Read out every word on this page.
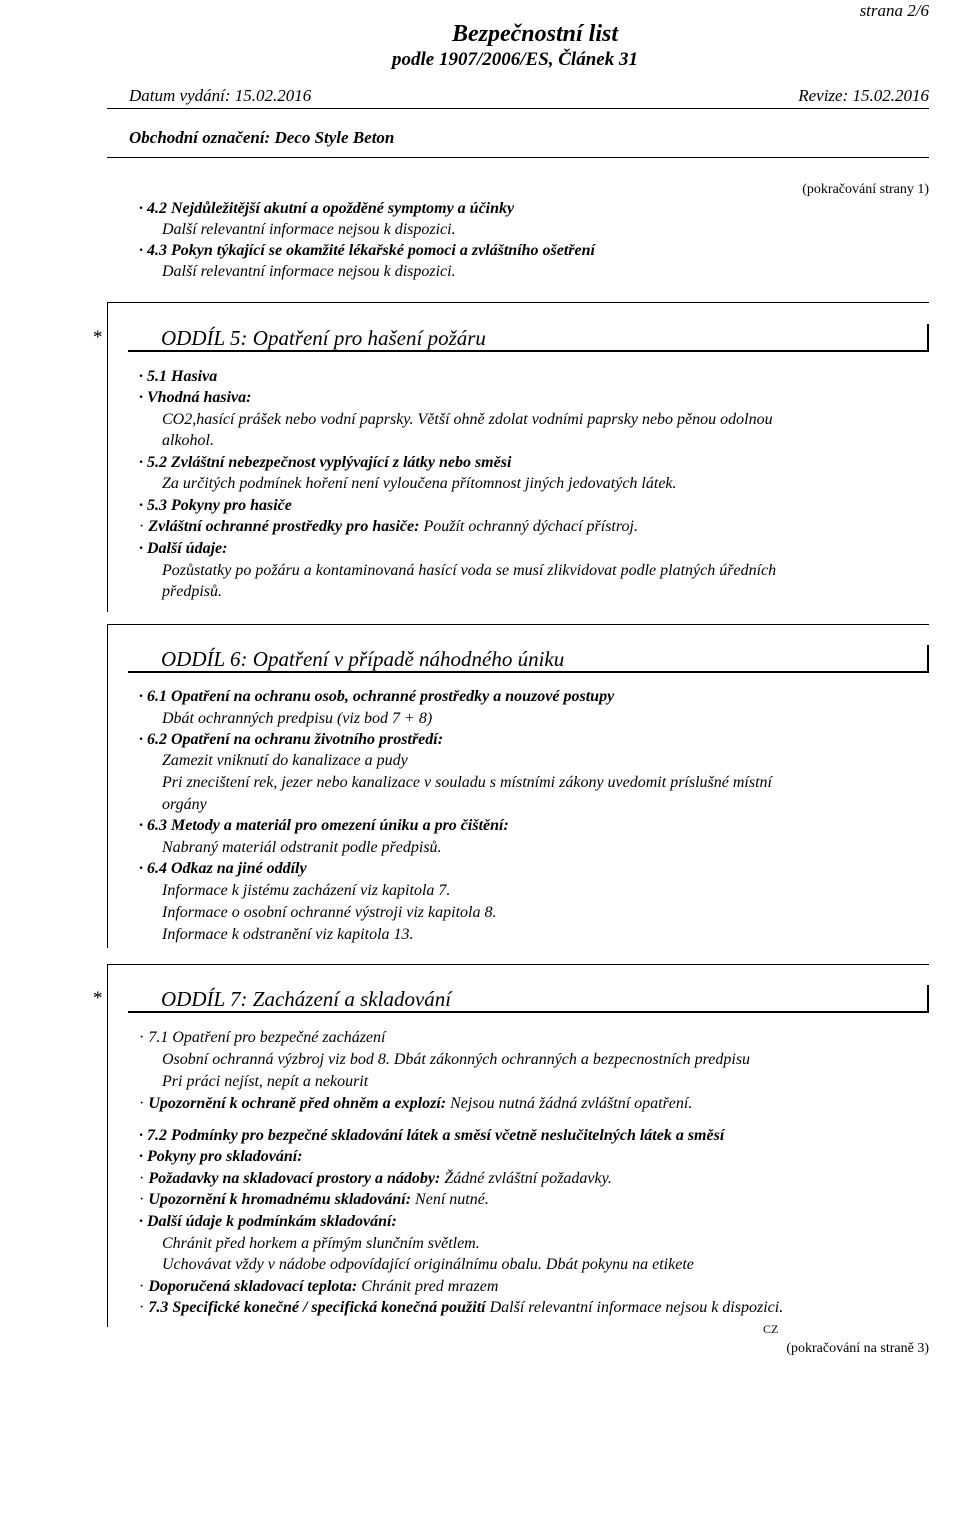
strana 2/6
Bezpečnostní list
podle 1907/2006/ES, Článek 31
Datum vydání: 15.02.2016	Revize: 15.02.2016
Obchodní označení: Deco Style Beton
(pokračování strany 1)
· 4.2 Nejdůležitější akutní a opožděné symptomy a účinky
Další relevantní informace nejsou k dispozici.
· 4.3 Pokyn týkající se okamžité lékařské pomoci a zvláštního ošetření
Další relevantní informace nejsou k dispozici.
*	ODDÍL 5: Opatření pro hašení požáru
· 5.1 Hasiva
· Vhodná hasiva:
CO2,hasící prášek nebo vodní paprsky. Větší ohně zdolat vodními paprsky nebo pěnou odolnou
alkohol.
· 5.2 Zvláštní nebezpečnost vyplývající z látky nebo směsi
Za určitých podmínek hoření není vyloučena přítomnost jiných jedovatých látek.
· 5.3 Pokyny pro hasiče
· Zvláštní ochranné prostředky pro hasiče: Použít ochranný dýchací přístroj.
· Další údaje:
Pozůstatky po požáru a kontaminovaná hasící voda se musí zlikvidovat podle platných úředních
předpisů.
ODDÍL 6: Opatření v případě náhodného úniku
· 6.1 Opatření na ochranu osob, ochranné prostředky a nouzové postupy
Dbát ochranných predpisu (viz bod 7 + 8)
· 6.2 Opatření na ochranu životního prostředí:
Zamezit vniknutí do kanalizace a pudy
Pri znecištení rek, jezer nebo kanalizace v souladu s místními zákony uvedomit príslušné místní
orgány
· 6.3 Metody a materiál pro omezení úniku a pro čištění:
Nabraný materiál odstranit podle předpisů.
· 6.4 Odkaz na jiné oddíly
Informace k jistému zacházení viz kapitola 7.
Informace o osobní ochranné výstroji viz kapitola 8.
Informace k odstranění viz kapitola 13.
*	ODDÍL 7: Zacházení a skladování
· 7.1 Opatření pro bezpečné zacházení
Osobní ochranná výzbroj viz bod 8. Dbát zákonných ochranných a bezpecnostních predpisu
Pri práci nejíst, nepít a nekourit
· Upozornění k ochraně před ohněm a explozí: Nejsou nutná žádná zvláštní opatření.
· 7.2 Podmínky pro bezpečné skladování látek a směsí včetně neslučitelných látek a směsí
· Pokyny pro skladování:
· Požadavky na skladovací prostory a nádoby: Žádné zvláštní požadavky.
· Upozornění k hromadnému skladování: Není nutné.
· Další údaje k podmínkám skladování:
Chránit před horkem a přímým slunčním světlem.
Uchovávat vždy v nádobe odpovídající originálnímu obalu. Dbát pokynu na etikete
· Doporučená skladovací teplota: Chránit pred mrazem
· 7.3 Specifické konečné / specifická konečná použití Další relevantní informace nejsou k dispozici.
CZ
(pokračování na straně 3)
